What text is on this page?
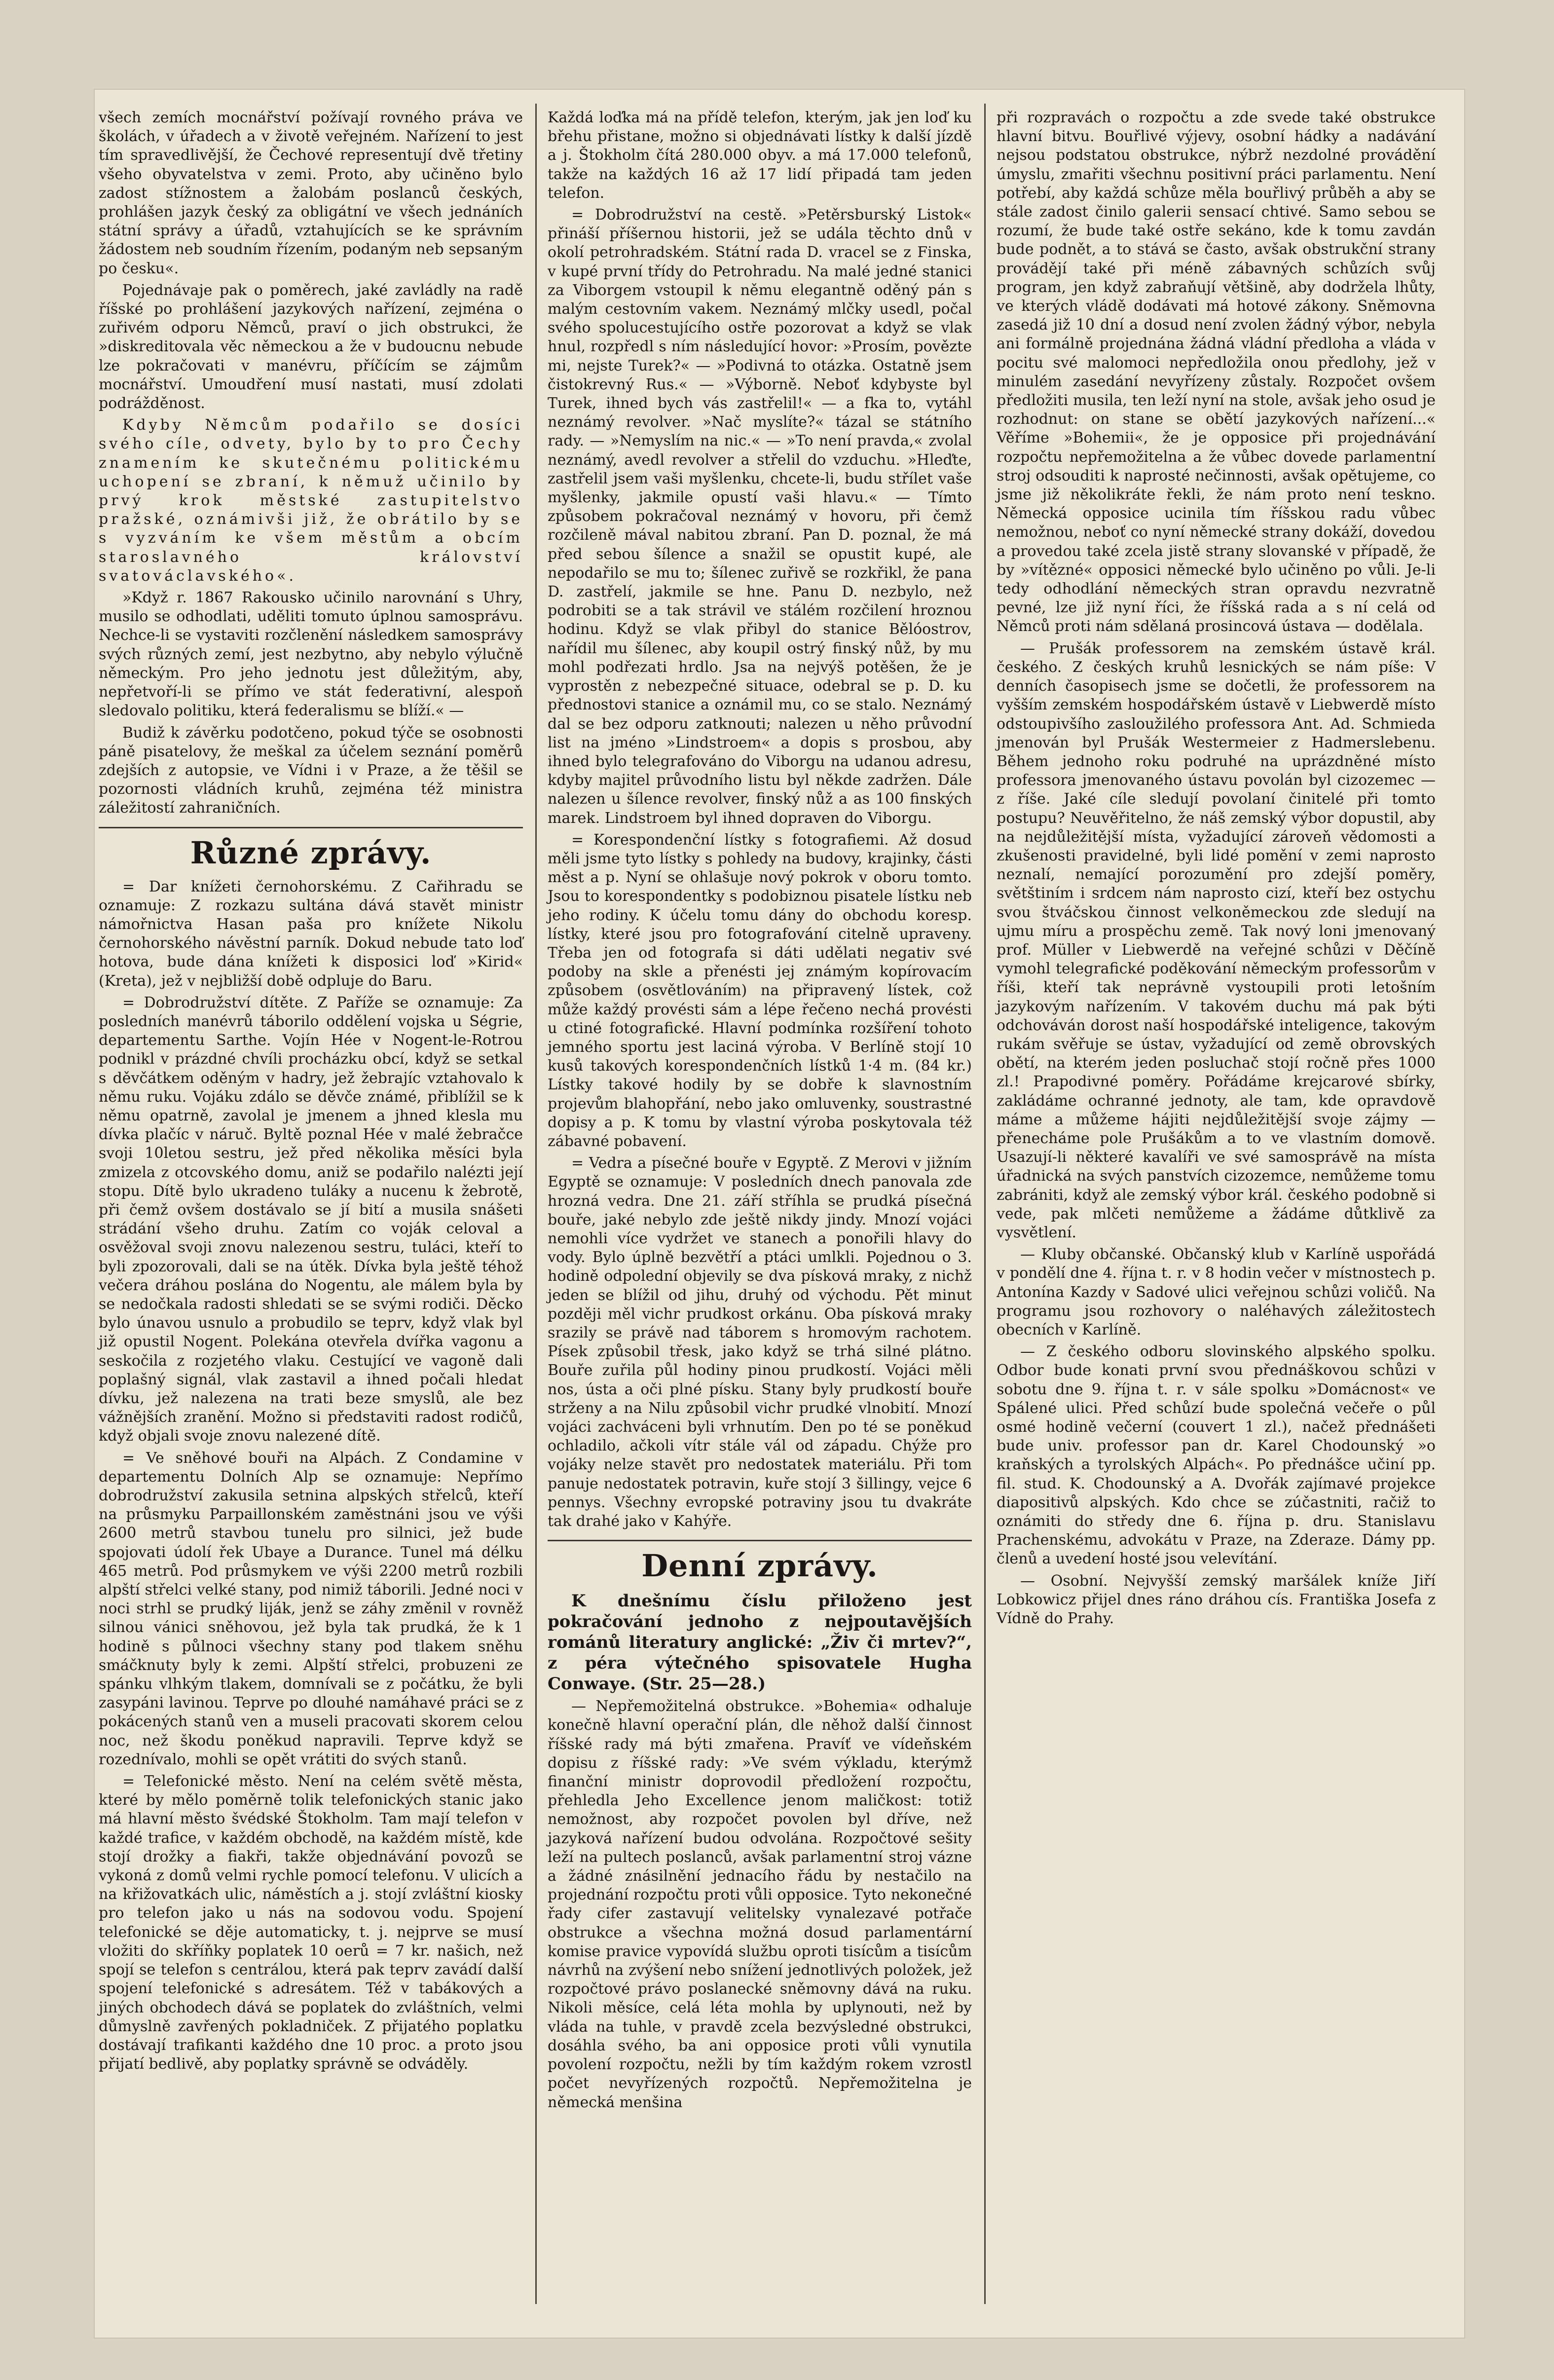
všech zemích mocnářství požívají rovného práva ve školách, v úřadech a v životě veřejném. Nařízení to jest tím spravedlivější, že Čechové representují dvě třetiny všeho obyvatelstva v zemi. Proto, aby učiněno bylo zadost stížnostem a žalobám poslanců českých, prohlášen jazyk český za obligátní ve všech jednáních státní správy a úřadů, vztahujících se ke správním žádostem neb soudním řízením, podaným neb sepsaným po česku«.

Pojednávaje pak o poměrech, jaké zavládly na radě říšské po prohlášení jazykových nařízení, zejména o zuřivém odporu Němců, praví o jich obstrukci, že »diskreditovala věc německou a že v budoucnu nebude lze pokračovati v manévru, příčícím se zájmům mocnářství. Umoudření musí nastati, musí zdolati podrážděnost.

Kdyby Němcům podařilo se dosíci svého cíle, odvety, bylo by to pro Čechy znamením ke skutečnému politickému uchopení se zbraní, k němuž učinilo by prvý krok městské zastupitelstvo pražské, oznámivši již, že obrátilo by se s vyzváním ke všem městům a obcím staroslavného království svatováclavského«.

»Když r. 1867 Rakousko učinilo narovnání s Uhry, musilo se odhodlati, uděliti tomuto úplnou samosprávu. Nechce-li se vystaviti rozčlenění následkem samosprávy svých různých zemí, jest nezbytno, aby nebylo výlučně německým. Pro jeho jednotu jest důležitým, aby, nepřetvoří-li se přímo ve stát federativní, alespoň sledovalo politiku, která federalismu se blíží.« —

Budiž k závěrku podotčeno, pokud týče se osobnosti páně pisatelovy, že meškal za účelem seznání poměrů zdejších z autopsie, ve Vídni i v Praze, a že těšil se pozornosti vládních kruhů, zejména též ministra záležitostí zahraničních.

Různé zprávy.

= Dar knížeti černohorskému. Z Cařihradu se oznamuje: Z rozkazu sultána dává stavět ministr námořnictva Hasan paša pro knížete Nikolu černohorského návěstní parník. Dokud nebude tato loď hotova, bude dána knížeti k disposici loď »Kirid« (Kreta), jež v nejbližší době odpluje do Baru.

= Dobrodružství dítěte. Z Paříže se oznamuje: Za posledních manévrů táborilo oddělení vojska u Ségrie, departementu Sarthe. Vojín Hée v Nogent-le-Rotrou podnikl v prázdné chvíli procházku obcí, když se setkal s děvčátkem oděným v hadry, jež žebrajíc vztahovalo k němu ruku. Vojáku zdálo se děvče známé, přiblížil se k němu opatrně, zavolal je jmenem a jhned klesla mu dívka plačíc v náruč. Byltě poznal Hée v malé žebračce svoji 10letou sestru, jež před několika měsíci byla zmizela z otcovského domu, aniž se podařilo nalézti její stopu. Dítě bylo ukradeno tuláky a nucenu k žebrotě, při čemž ovšem dostávalo se jí bití a musila snášeti strádání všeho druhu. Zatím co voják celoval a osvěžoval svoji znovu nalezenou sestru, tuláci, kteří to byli zpozorovali, dali se na útěk. Dívka byla ještě téhož večera dráhou poslána do Nogentu, ale málem byla by se nedočkala radosti shledati se se svými rodiči. Děcko bylo únavou usnulo a probudilo se teprv, když vlak byl již opustil Nogent. Polekána otevřela dvířka vagonu a seskočila z rozjetého vlaku. Cestující ve vagoně dali poplašný signál, vlak zastavil a ihned počali hledat dívku, jež nalezena na trati beze smyslů, ale bez vážnějších zranění. Možno si představiti radost rodičů, když objali svoje znovu nalezené dítě.

= Ve sněhové bouři na Alpách. Z Condamine v departementu Dolních Alp se oznamuje: Nepřímo dobrodružství zakusila setnina alpských střelců, kteří na průsmyku Parpaillonském zaměstnáni jsou ve výši 2600 metrů stavbou tunelu pro silnici, jež bude spojovati údolí řek Ubaye a Durance. Tunel má délku 465 metrů. Pod průsmykem ve výši 2200 metrů rozbili alpští střelci velké stany, pod nimiž táborili. Jedné noci v noci strhl se prudký liják, jenž se záhy změnil v rovněž silnou vánici sněhovou, jež byla tak prudká, že k 1 hodině s půlnoci všechny stany pod tlakem sněhu smáčknuty byly k zemi. Alpští střelci, probuzeni ze spánku vlhkým tlakem, domnívali se z počátku, že byli zasypáni lavinou. Teprve po dlouhé namáhavé práci se z pokácených stanů ven a museli pracovati skorem celou noc, než škodu poněkud napravili. Teprve když se rozednívalo, mohli se opět vrátiti do svých stanů.

= Telefonické město. Není na celém světě města, které by mělo poměrně tolik telefonických stanic jako má hlavní město švédské Štokholm. Tam mají telefon v každé trafice, v každém obchodě, na každém místě, kde stojí drožky a fiakři, takže objednávání povozů se vykoná z domů velmi rychle pomocí telefonu. V ulicích a na křižovatkách ulic, náměstích a j. stojí zvláštní kiosky pro telefon jako u nás na sodovou vodu. Spojení telefonické se děje automaticky, t. j. nejprve se musí vložiti do skříňky poplatek 10 oerů = 7 kr. našich, než spojí se telefon s centrálou, která pak teprv zavádí další spojení telefonické s adresátem. Též v tabákových a jiných obchodech dává se poplatek do zvláštních, velmi důmyslně zavřených pokladniček. Z přijatého poplatku dostávají trafikanti každého dne 10 proc. a proto jsou přijatí bedlivě, aby poplatky správně se odváděly.

Každá loďka má na přídě telefon, kterým, jak jen loď ku břehu přistane, možno si objednávati lístky k další jízdě a j. Štokholm čítá 280.000 obyv. a má 17.000 telefonů, takže na každých 16 až 17 lidí připadá tam jeden telefon.

= Dobrodružství na cestě. »Petěrsburský Listok« přináší příšernou historii, jež se udála těchto dnů v okolí petrohradském. Státní rada D. vracel se z Finska, v kupé první třídy do Petrohradu. Na malé jedné stanici za Viborgem vstoupil k němu elegantně oděný pán s malým cestovním vakem. Neznámý mlčky usedl, počal svého spolucestujícího ostře pozorovat a když se vlak hnul, rozpředl s ním následující hovor: »Prosím, povězte mi, nejste Turek?« — »Podivná to otázka. Ostatně jsem čistokrevný Rus.« — »Výborně. Neboť kdybyste byl Turek, ihned bych vás zastřelil!« — a fka to, vytáhl neznámý revolver. »Nač myslíte?« tázal se státního rady. — »Nemyslím na nic.« — »To není pravda,« zvolal neznámý, avedl revolver a střelil do vzduchu. »Hleďte, zastřelil jsem vaši myšlenku, chcete-li, budu střílet vaše myšlenky, jakmile opustí vaši hlavu.« — Tímto způsobem pokračoval neznámý v hovoru, při čemž rozčileně mával nabitou zbraní. Pan D. poznal, že má před sebou šílence a snažil se opustit kupé, ale nepodařilo se mu to; šílenec zuřivě se rozkřikl, že pana D. zastřelí, jakmile se hne. Panu D. nezbylo, než podrobiti se a tak strávil ve stálém rozčilení hroznou hodinu. Když se vlak přibyl do stanice Bělóostrov, nařídil mu šílenec, aby koupil ostrý finský nůž, by mu mohl podřezati hrdlo. Jsa na nejvýš potěšen, že je vyprostěn z nebezpečné situace, odebral se p. D. ku přednostovi stanice a oznámil mu, co se stalo. Neznámý dal se bez odporu zatknouti; nalezen u něho průvodní list na jméno »Lindstroem« a dopis s prosbou, aby ihned bylo telegrafováno do Viborgu na udanou adresu, kdyby majitel průvodního listu byl někde zadržen. Dále nalezen u šílence revolver, finský nůž a as 100 finských marek. Lindstroem byl ihned dopraven do Viborgu.

= Korespondenční lístky s fotografiemi. Až dosud měli jsme tyto lístky s pohledy na budovy, krajinky, části měst a p. Nyní se ohlašuje nový pokrok v oboru tomto. Jsou to korespondentky s podobiznou pisatele lístku neb jeho rodiny. K účelu tomu dány do obchodu koresp. lístky, které jsou pro fotografování citelně upraveny. Třeba jen od fotografa si dáti udělati negativ své podoby na skle a přenésti jej známým kopírovacím způsobem (osvětlováním) na připravený lístek, což může každý provésti sám a lépe řečeno nechá provésti u ctiné fotografické. Hlavní podmínka rozšíření tohoto jemného sportu jest laciná výroba. V Berlíně stojí 10 kusů takových korespondenčních lístků 1·4 m. (84 kr.) Lístky takové hodily by se dobře k slavnostním projevům blahopřání, nebo jako omluvenky, soustrastné dopisy a p. K tomu by vlastní výroba poskytovala též zábavné pobavení.

= Vedra a písečné bouře v Egyptě. Z Merovi v jižním Egyptě se oznamuje: V posledních dnech panovala zde hrozná vedra. Dne 21. září stříhla se prudká písečná bouře, jaké nebylo zde ještě nikdy jindy. Mnozí vojáci nemohli více vydržet ve stanech a ponořili hlavy do vody. Bylo úplně bezvětří a ptáci umlkli. Pojednou o 3. hodině odpolední objevily se dva písková mraky, z nichž jeden se blížil od jihu, druhý od východu. Pět minut později měl vichr prudkost orkánu. Oba písková mraky srazily se právě nad táborem s hromovým rachotem. Písek způsobil třesk, jako když se trhá silné plátno. Bouře zuřila půl hodiny pinou prudkostí. Vojáci měli nos, ústa a oči plné písku. Stany byly prudkostí bouře strženy a na Nilu způsobil vichr prudké vlnobití. Mnozí vojáci zachváceni byli vrhnutím. Den po té se poněkud ochladilo, ačkoli vítr stále vál od západu. Chýže pro vojáky nelze stavět pro nedostatek materiálu. Při tom panuje nedostatek potravin, kuře stojí 3 šillingy, vejce 6 pennys. Všechny evropské potraviny jsou tu dvakráte tak drahé jako v Kahýře.

Denní zprávy.

K dnešnímu číslu přiloženo jest pokračování jednoho z nejpoutavějších románů literatury anglické: „Živ či mrtev?“, z péra výtečného spisovatele Hugha Conwaye. (Str. 25—28.)

— Nepřemožitelná obstrukce. »Bohemia« odhaluje konečně hlavní operační plán, dle něhož další činnost říšské rady má býti zmařena. Pravíť ve vídeňském dopisu z říšské rady: »Ve svém výkladu, kterýmž finanční ministr doprovodil předložení rozpočtu, přehledla Jeho Excellence jenom maličkost: totiž nemožnost, aby rozpočet povolen byl dříve, než jazyková nařízení budou odvolána. Rozpočtové sešity leží na pultech poslanců, avšak parlamentní stroj vázne a žádné znásilnění jednacího řádu by nestačilo na projednání rozpočtu proti vůli opposice. Tyto nekonečné řady cifer zastavují velitelsky vynalezavé potřače obstrukce a všechna možná dosud parlamentární komise pravice vypovídá službu oproti tisícům a tisícům návrhů na zvýšení nebo snížení jednotlivých položek, jež rozpočtové právo poslanecké sněmovny dává na ruku. Nikoli měsíce, celá léta mohla by uplynouti, než by vláda na tuhle, v pravdě zcela bezvýsledné obstrukci, dosáhla svého, ba ani opposice proti vůli vynutila povolení rozpočtu, nežli by tím každým rokem vzrostl počet nevyřízených rozpočtů. Nepřemožitelna je německá menšina

při rozpravách o rozpočtu a zde svede také obstrukce hlavní bitvu. Bouřlivé výjevy, osobní hádky a nadávání nejsou podstatou obstrukce, nýbrž nezdolné provádění úmyslu, zmařiti všechnu positivní práci parlamentu. Není potřebí, aby každá schůze měla bouřlivý průběh a aby se stále zadost činilo galerii sensací chtivé. Samo sebou se rozumí, že bude také ostře sekáno, kde k tomu zavdán bude podnět, a to stává se často, avšak obstrukční strany provádějí také při méně zábavných schůzích svůj program, jen když zabraňují většině, aby dodržela lhůty, ve kterých vládě dodávati má hotové zákony. Sněmovna zasedá již 10 dní a dosud není zvolen žádný výbor, nebyla ani formálně projednána žádná vládní předloha a vláda v pocitu své malomoci nepředložila onou předlohy, jež v minulém zasedání nevyřízeny zůstaly. Rozpočet ovšem předložiti musila, ten leží nyní na stole, avšak jeho osud je rozhodnut: on stane se obětí jazykových nařízení...« Věříme »Bohemii«, že je opposice při projednávání rozpočtu nepřemožitelna a že vůbec dovede parlamentní stroj odsouditi k naprosté nečinnosti, avšak opětujeme, co jsme již několikráte řekli, že nám proto není teskno. Německá opposice ucinila tím říšskou radu vůbec nemožnou, neboť co nyní německé strany dokáží, dovedou a provedou také zcela jistě strany slovanské v případě, že by »vítězné« opposici německé bylo učiněno po vůli. Je-li tedy odhodlání německých stran opravdu nezvratně pevné, lze již nyní říci, že říšská rada a s ní celá od Němců proti nám sdělaná prosincová ústava — dodělala.

— Prušák professorem na zemském ústavě král. českého. Z českých kruhů lesnických se nám píše: V denních časopisech jsme se dočetli, že professorem na vyšším zemském hospodářském ústavě v Liebwerdě místo odstoupivšího zasloužilého professora Ant. Ad. Schmieda jmenován byl Prušák Westermeier z Hadmerslebenu. Během jednoho roku podruhé na uprázdněné místo professora jmenovaného ústavu povolán byl cizozemec — z říše. Jaké cíle sledují povolaní činitelé při tomto postupu? Neuvěřitelno, že náš zemský výbor dopustil, aby na nejdůležitější místa, vyžadující zároveň vědomosti a zkušenosti pravidelné, byli lidé pomění v zemi naprosto neznalí, nemající porozumění pro zdejší poměry, světštiním i srdcem nám naprosto cizí, kteří bez ostychu svou štváčskou činnost velkoněmeckou zde sledují na ujmu míru a prospěchu země. Tak nový loni jmenovaný prof. Müller v Liebwerdě na veřejné schůzi v Děčíně vymohl telegrafické poděkování německým professorům v říši, kteří tak neprávně vystoupili proti letošním jazykovým nařízením. V takovém duchu má pak býti odchováván dorost naší hospodářské inteligence, takovým rukám svěřuje se ústav, vyžadující od země obrovských obětí, na kterém jeden posluchač stojí ročně přes 1000 zl.! Prapodivné poměry. Pořádáme krejcarové sbírky, zakládáme ochranné jednoty, ale tam, kde opravdově máme a můžeme hájiti nejdůležitější svoje zájmy — přenecháme pole Prušákům a to ve vlastním domově. Usazují-li některé kavalíři ve své samosprávě na místa úřadnická na svých panstvích cizozemce, nemůžeme tomu zabrániti, když ale zemský výbor král. českého podobně si vede, pak mlčeti nemůžeme a žádáme důtklivě za vysvětlení.

— Kluby občanské. Občanský klub v Karlíně uspořádá v pondělí dne 4. října t. r. v 8 hodin večer v místnostech p. Antonína Kazdy v Sadové ulici veřejnou schůzi voličů. Na programu jsou rozhovory o naléhavých záležitostech obecních v Karlíně.

— Z českého odboru slovinského alpského spolku. Odbor bude konati první svou přednáškovou schůzi v sobotu dne 9. října t. r. v sále spolku »Domácnost« ve Spálené ulici. Před schůzí bude společná večeře o půl osmé hodině večerní (couvert 1 zl.), načež přednášeti bude univ. professor pan dr. Karel Chodounský »o kraňských a tyrolských Alpách«. Po přednášce učiní pp. fil. stud. K. Chodounský a A. Dvořák zajímavé projekce diapositivů alpských. Kdo chce se zúčastniti, račiž to oznámiti do středy dne 6. října p. dru. Stanislavu Prachenskému, advokátu v Praze, na Zderaze. Dámy pp. členů a uvedení hosté jsou velevítání.

— Osobní. Nejvyšší zemský maršálek kníže Jiří Lobkowicz přijel dnes ráno dráhou cís. Františka Josefa z Vídně do Prahy.
